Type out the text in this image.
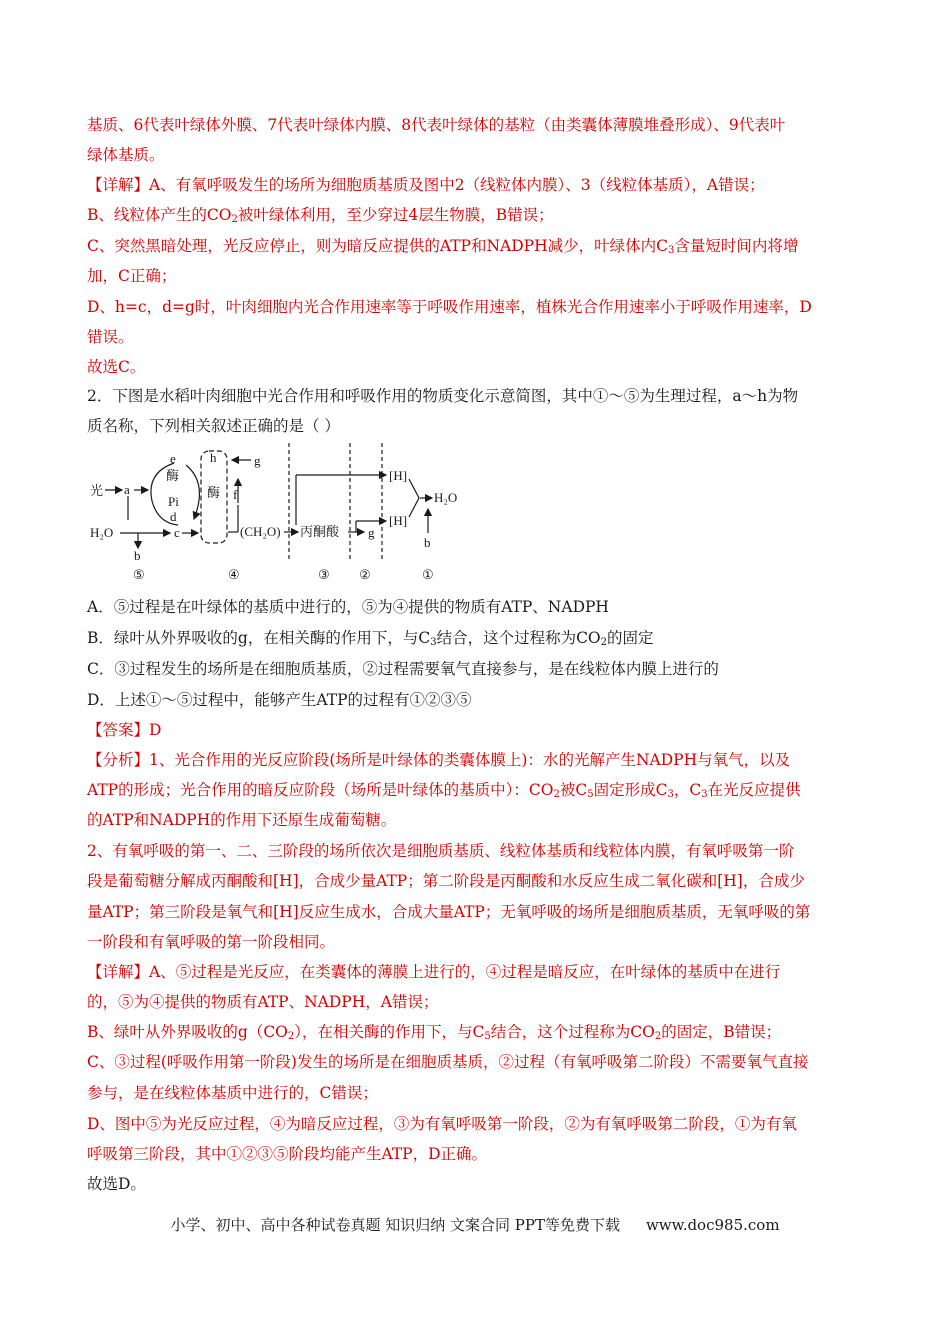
基质、6代表叶绿体外膜、7代表叶绿体内膜、8代表叶绿体的基粒（由类囊体薄膜堆叠形成）、9代表叶
绿体基质。
【详解】A、有氧呼吸发生的场所为细胞质基质及图中2（线粒体内膜）、3（线粒体基质），A错误；
B、线粒体产生的$CO_2$被叶绿体利用，至少穿过4层生物膜，B错误；
C、突然黑暗处理，光反应停止，则为暗反应提供的ATP和NADPH减少，叶绿体内$C_3$含量短时间内将增
加，C正确；
D、h=c，d=g时，叶肉细胞内光合作用速率等于呼吸作用速率，植株光合作用速率小于呼吸作用速率，D
错误。
故选C。
2．下图是水稻叶肉细胞中光合作用和呼吸作用的物质变化示意简图，其中①～⑤为生理过程，a～h为物
质名称，下列相关叙述正确的是（ ）
光 a
H₂O
b
c
d
e
酶
Pi
h
酶 f
g
(CH₂O) 丙酮酸 g
[H]
[H]
H₂O
b
⑤	④	③ ②	①
A．⑤过程是在叶绿体的基质中进行的，⑤为④提供的物质有ATP、NADPH
B．绿叶从外界吸收的g，在相关酶的作用下，与$C_3$结合，这个过程称为$CO_2$的固定
C．③过程发生的场所是在细胞质基质，②过程需要氧气直接参与，是在线粒体内膜上进行的
D．上述①～⑤过程中，能够产生ATP的过程有①②③⑤
【答案】D
【分析】1、光合作用的光反应阶段(场所是叶绿体的类囊体膜上)：水的光解产生NADPH与氧气，以及
ATP的形成；光合作用的暗反应阶段（场所是叶绿体的基质中）：$CO_2$被$C_5$固定形成$C_3$，$C_3$在光反应提供
的ATP和NADPH的作用下还原生成葡萄糖。
2、有氧呼吸的第一、二、三阶段的场所依次是细胞质基质、线粒体基质和线粒体内膜，有氧呼吸第一阶
段是葡萄糖分解成丙酮酸和[H]，合成少量ATP；第二阶段是丙酮酸和水反应生成二氧化碳和[H]，合成少
量ATP；第三阶段是氧气和[H]反应生成水，合成大量ATP；无氧呼吸的场所是细胞质基质，无氧呼吸的第
一阶段和有氧呼吸的第一阶段相同。
【详解】A、⑤过程是光反应，在类囊体的薄膜上进行的，④过程是暗反应，在叶绿体的基质中在进行
的，⑤为④提供的物质有ATP、NADPH，A错误；
B、绿叶从外界吸收的$g(CO_2)$，在相关酶的作用下，与$C_5$结合，这个过程称为$CO_2$的固定，B错误；
C、③过程(呼吸作用第一阶段)发生的场所是在细胞质基质，②过程（有氧呼吸第二阶段）不需要氧气直接
参与，是在线粒体基质中进行的，C错误；
D、图中⑤为光反应过程，④为暗反应过程，③为有氧呼吸第一阶段，②为有氧呼吸第二阶段，①为有氧
呼吸第三阶段，其中①②③⑤阶段均能产生ATP，D正确。
故选D。
小学、初中、高中各种试卷真题 知识归纳 文案合同 PPT等免费下载 www.doc985.com
